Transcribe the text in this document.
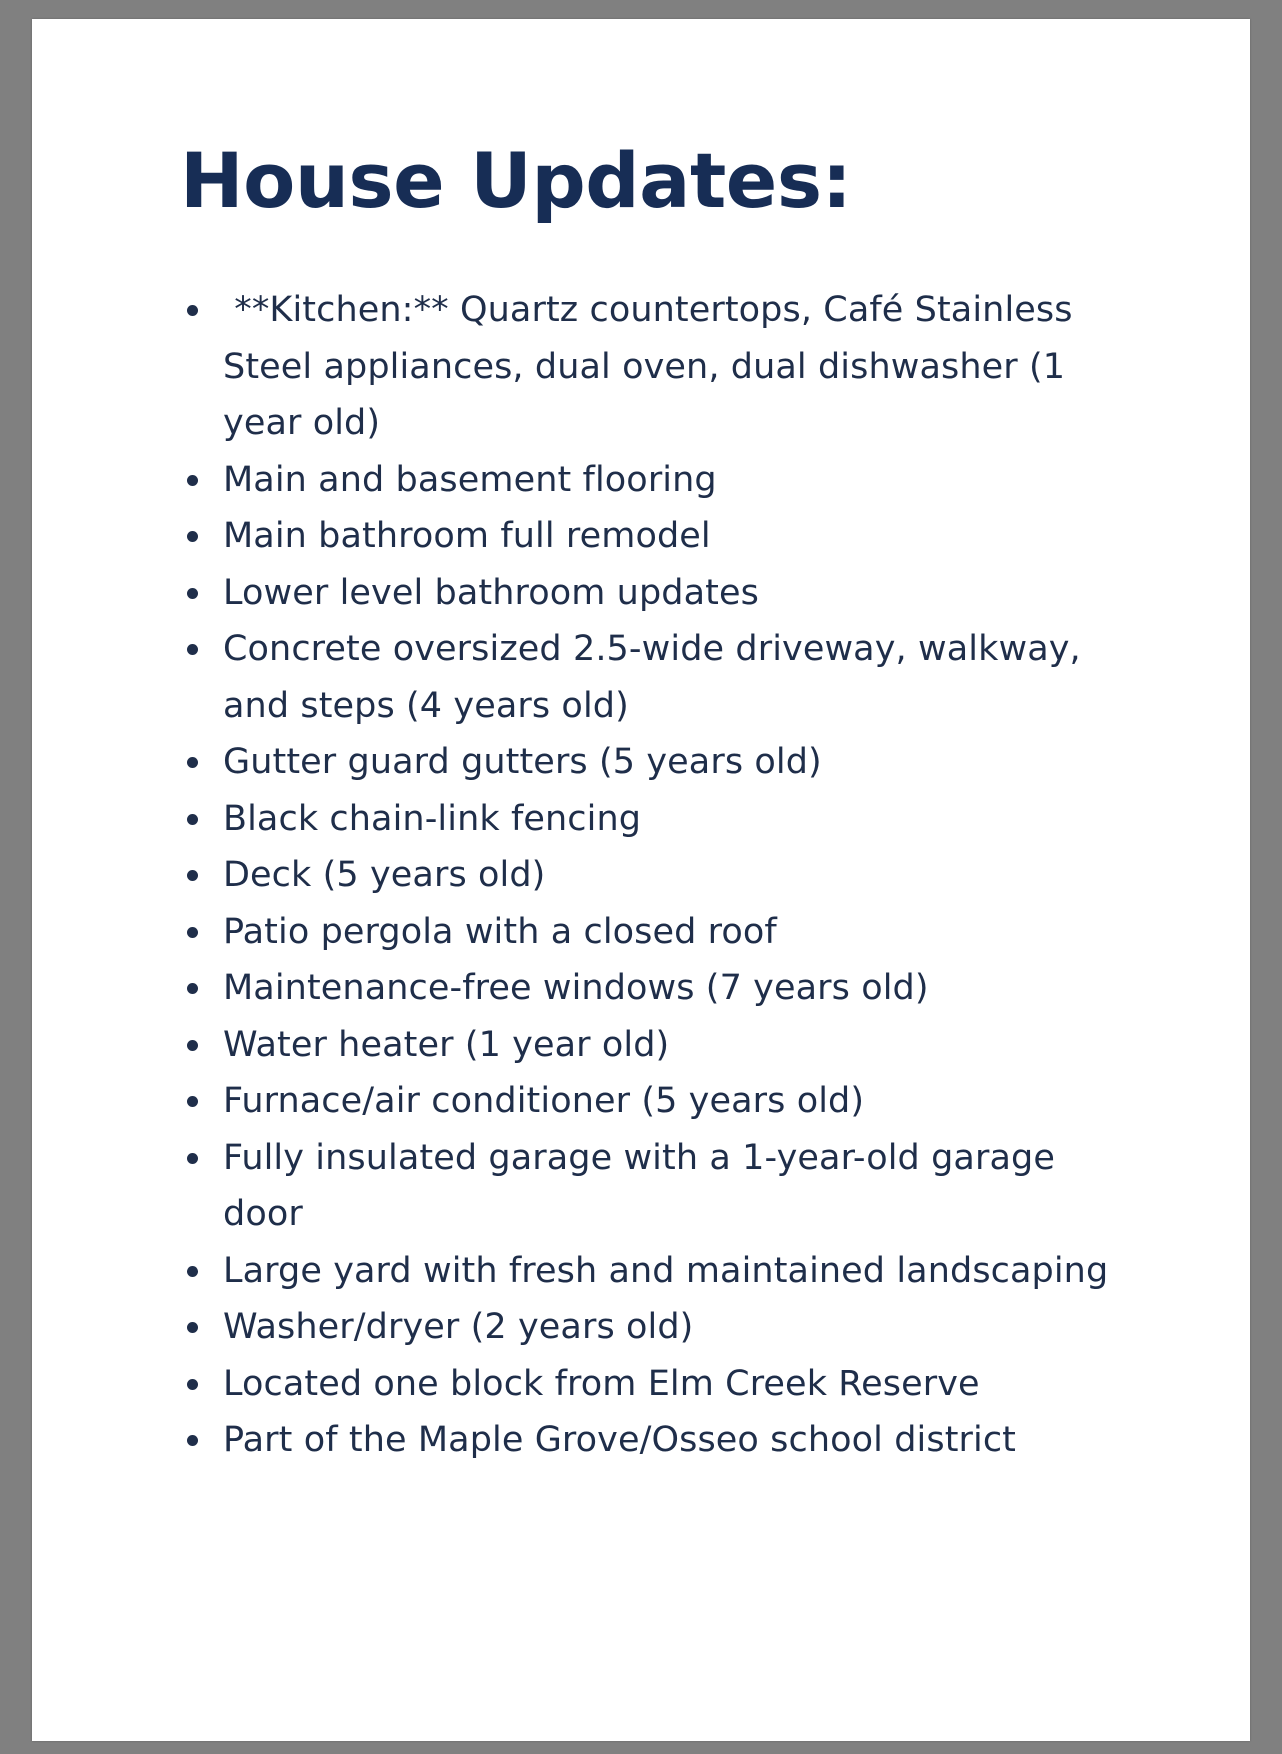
House Updates:
**Kitchen:** Quartz countertops, Café Stainless Steel appliances, dual oven, dual dishwasher (1 year old)
Main and basement flooring
Main bathroom full remodel
Lower level bathroom updates
Concrete oversized 2.5-wide driveway, walkway, and steps (4 years old)
Gutter guard gutters (5 years old)
Black chain-link fencing
Deck (5 years old)
Patio pergola with a closed roof
Maintenance-free windows (7 years old)
Water heater (1 year old)
Furnace/air conditioner (5 years old)
Fully insulated garage with a 1-year-old garage door
Large yard with fresh and maintained landscaping
Washer/dryer (2 years old)
Located one block from Elm Creek Reserve
Part of the Maple Grove/Osseo school district
